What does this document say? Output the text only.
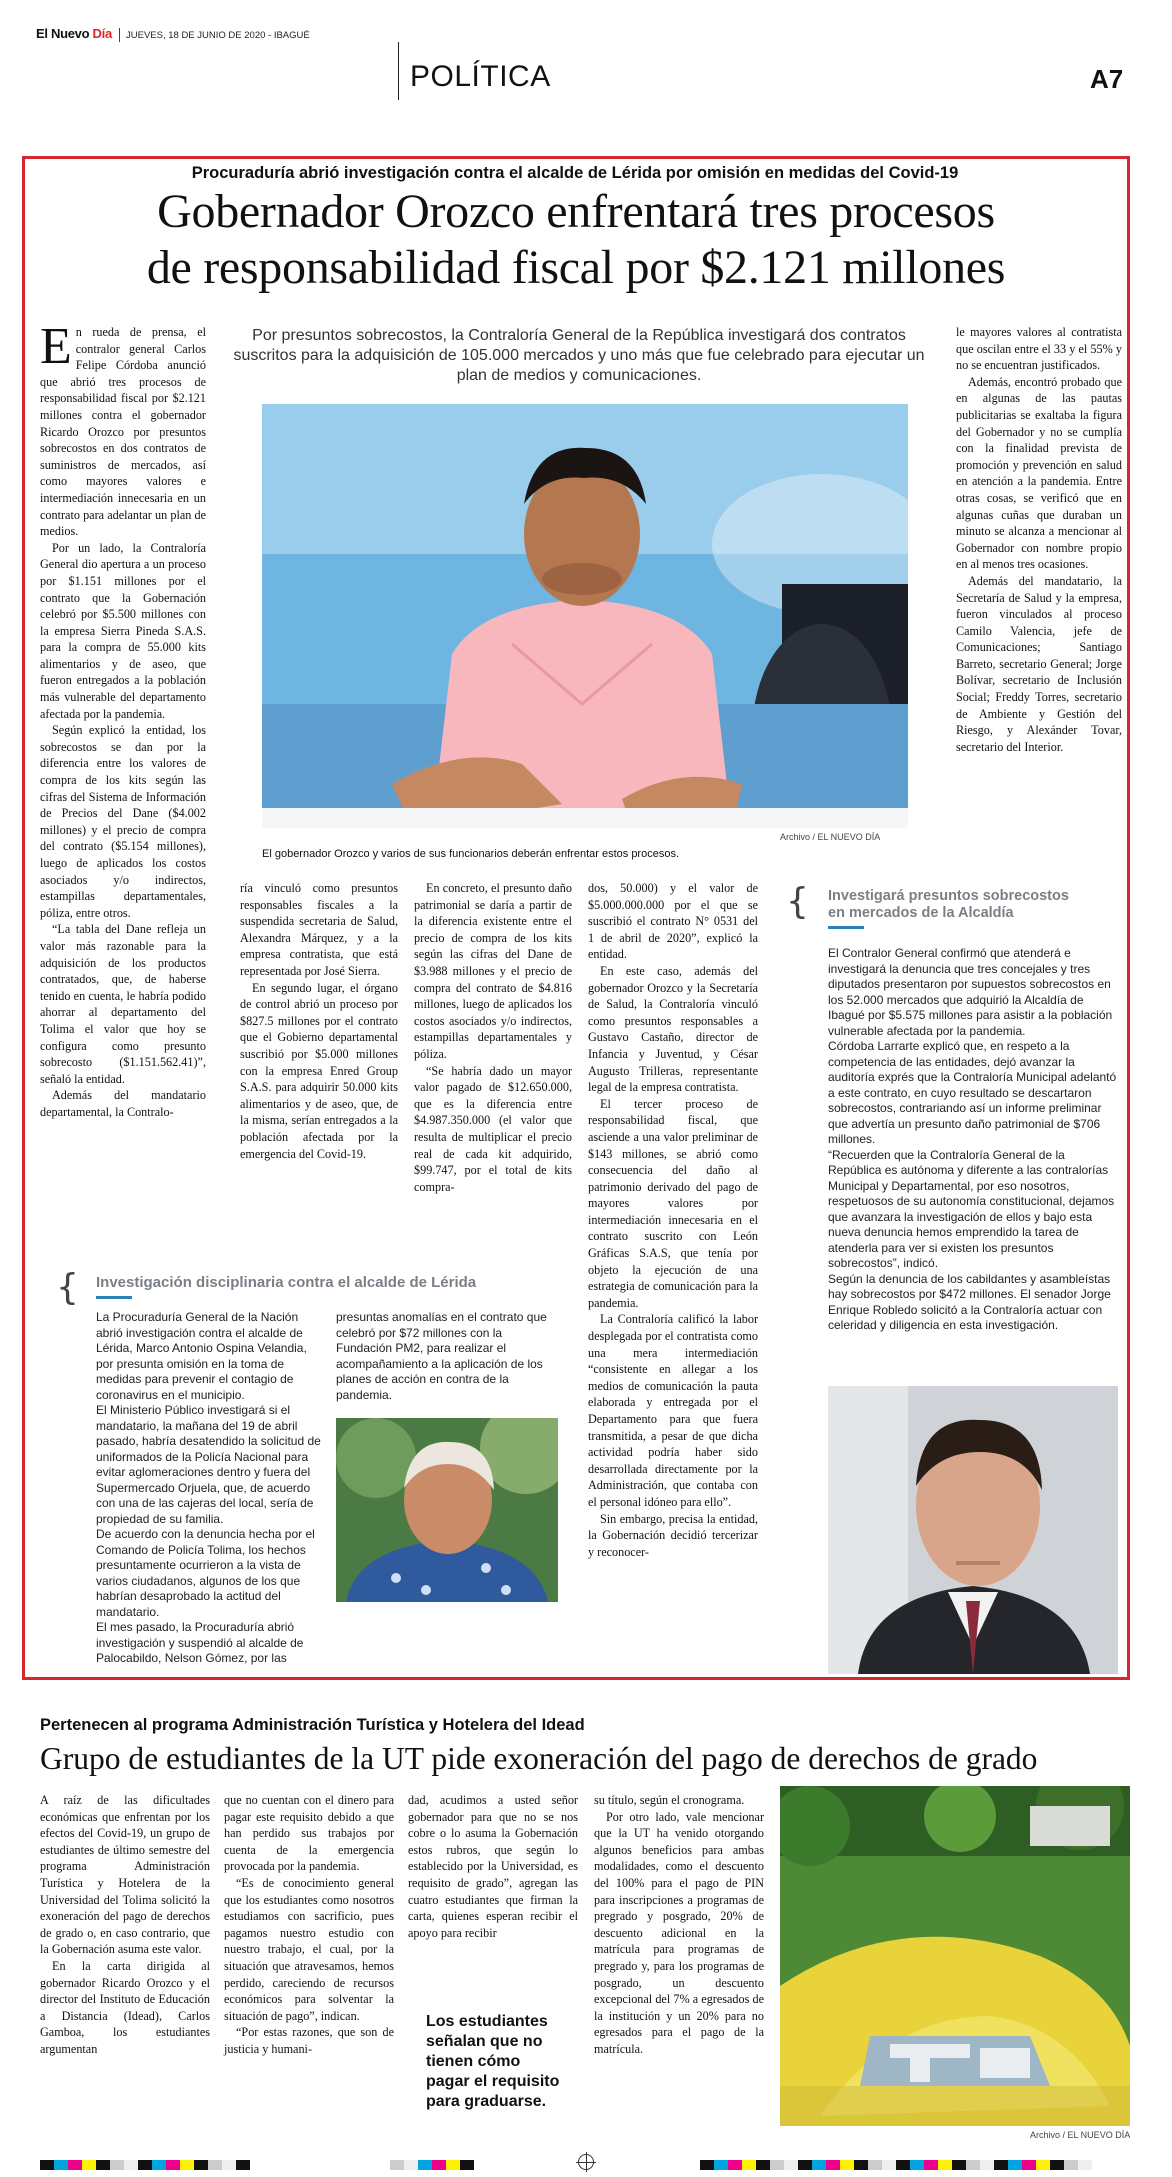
El Nuevo Día JUEVES, 18 DE JUNIO DE 2020 - IBAGUÉ
POLÍTICA	A7
Procuraduría abrió investigación contra el alcalde de Lérida por omisión en medidas del Covid-19
Gobernador Orozco enfrentará tres procesos
de responsabilidad fiscal por $2.121 millones

En rueda de prensa, el contralor general Carlos Felipe Córdoba anunció que abrió tres procesos de responsabilidad fiscal por $2.121 millones contra el gobernador Ricardo Orozco por presuntos sobrecostos en dos contratos de suministros de mercados, así como mayores valores e intermediación innecesaria en un contrato para adelantar un plan de medios.

Por un lado, la Contraloría General dio apertura a un proceso por $1.151 millones por el contrato que la Gobernación celebró por $5.500 millones con la empresa Sierra Pineda S.A.S. para la compra de 55.000 kits alimentarios y de aseo, que fueron entregados a la población más vulnerable del departamento afectada por la pandemia.

Según explicó la entidad, los sobrecostos se dan por la diferencia entre los valores de compra de los kits según las cifras del Sistema de Información de Precios del Dane ($4.002 millones) y el precio de compra del contrato ($5.154 millones), luego de aplicados los costos asociados y/o indirectos, estampillas departamentales, póliza, entre otros.

“La tabla del Dane refleja un valor más razonable para la adquisición de los productos contratados, que, de haberse tenido en cuenta, le habría podido ahorrar al departamento del Tolima el valor que hoy se configura como presunto sobrecosto ($1.151.562.41)”, señaló la entidad.

Además del mandatario departamental, la Contralo-

Por presuntos sobrecostos, la Contraloría General de la República investigará dos contratos suscritos para la adquisición de 105.000 mercados y uno más que fue celebrado para ejecutar un plan de medios y comunicaciones.
Archivo / EL NUEVO DÍA
El gobernador Orozco y varios de sus funcionarios deberán enfrentar estos procesos.

ría vinculó como presuntos responsables fiscales a la suspendida secretaria de Salud, Alexandra Márquez, y a la empresa contratista, que está representada por José Sierra.

En segundo lugar, el órgano de control abrió un proceso por $827.5 millones por el contrato que el Gobierno departamental suscribió por $5.000 millones con la empresa Enred Group S.A.S. para adquirir 50.000 kits alimentarios y de aseo, que, de la misma, serían entregados a la población afectada por la emergencia del Covid-19.

En concreto, el presunto daño patrimonial se daría a partir de la diferencia existente entre el precio de compra de los kits según las cifras del Dane de $3.988 millones y el precio de compra del contrato de $4.816 millones, luego de aplicados los costos asociados y/o indirectos, estampillas departamentales y póliza.

“Se habría dado un mayor valor pagado de $12.650.000, que es la diferencia entre $4.987.350.000 (el valor que resulta de multiplicar el precio real de cada kit adquirido, $99.747, por el total de kits compra-

dos, 50.000) y el valor de $5.000.000.000 por el que se suscribió el contrato N° 0531 del 1 de abril de 2020”, explicó la entidad.

En este caso, además del gobernador Orozco y la Secretaría de Salud, la Contraloría vinculó como presuntos responsables a Gustavo Castaño, director de Infancia y Juventud, y César Augusto Trilleras, representante legal de la empresa contratista.

El tercer proceso de responsabilidad fiscal, que asciende a una valor preliminar de $143 millones, se abrió como consecuencia del daño al patrimonio derivado del pago de mayores valores por intermediación innecesaria en el contrato suscrito con León Gráficas S.A.S, que tenía por objeto la ejecución de una estrategia de comunicación para la pandemia.

La Contraloría calificó la labor desplegada por el contratista como una mera intermediación “consistente en allegar a los medios de comunicación la pauta elaborada y entregada por el Departamento para que fuera transmitida, a pesar de que dicha actividad podría haber sido desarrollada directamente por la Administración, que contaba con el personal idóneo para ello”.

Sin embargo, precisa la entidad, la Gobernación decidió tercerizar y reconocer-

le mayores valores al contratista que oscilan entre el 33 y el 55% y no se encuentran justificados.

Además, encontró probado que en algunas de las pautas publicitarias se exaltaba la figura del Gobernador y no se cumplía con la finalidad prevista de promoción y prevención en salud en atención a la pandemia. Entre otras cosas, se verificó que en algunas cuñas que duraban un minuto se alcanza a mencionar al Gobernador con nombre propio en al menos tres ocasiones.

Además del mandatario, la Secretaría de Salud y la empresa, fueron vinculados al proceso Camilo Valencia, jefe de Comunicaciones; Santiago Barreto, secretario General; Jorge Bolívar, secretario de Inclusión Social; Freddy Torres, secretario de Ambiente y Gestión del Riesgo, y Alexánder Tovar, secretario del Interior.

{ Investigará presuntos sobrecostos
en mercados de la Alcaldía

El Contralor General confirmó que atenderá e investigará la denuncia que tres concejales y tres diputados presentaron por supuestos sobrecostos en los 52.000 mercados que adquirió la Alcaldía de Ibagué por $5.575 millones para asistir a la población vulnerable afectada por la pandemia.

Córdoba Larrarte explicó que, en respeto a la competencia de las entidades, dejó avanzar la auditoría exprés que la Contraloría Municipal adelantó a este contrato, en cuyo resultado se descartaron sobrecostos, contrariando así un informe preliminar que advertía un presunto daño patrimonial de $706 millones.

“Recuerden que la Contraloría General de la República es autónoma y diferente a las contralorías Municipal y Departamental, por eso nosotros, respetuosos de su autonomía constitucional, dejamos que avanzara la investigación de ellos y bajo esta nueva denuncia hemos emprendido la tarea de atenderla para ver si existen los presuntos sobrecostos”, indicó.

Según la denuncia de los cabildantes y asambleístas hay sobrecostos por $472 millones. El senador Jorge Enrique Robledo solicitó a la Contraloría actuar con celeridad y diligencia en esta investigación.

{ Investigación disciplinaria contra el alcalde de Lérida

La Procuraduría General de la Nación abrió investigación contra el alcalde de Lérida, Marco Antonio Ospina Velandia, por presunta omisión en la toma de medidas para prevenir el contagio de coronavirus en el municipio.

El Ministerio Público investigará si el mandatario, la mañana del 19 de abril pasado, habría desatendido la solicitud de uniformados de la Policía Nacional para evitar aglomeraciones dentro y fuera del Supermercado Orjuela, que, de acuerdo con una de las cajeras del local, sería de propiedad de su familia.

De acuerdo con la denuncia hecha por el Comando de Policía Tolima, los hechos presuntamente ocurrieron a la vista de varios ciudadanos, algunos de los que habrían desaprobado la actitud del mandatario.

El mes pasado, la Procuraduría abrió investigación y suspendió al alcalde de Palocabildo, Nelson Gómez, por las

presuntas anomalías en el contrato que celebró por $72 millones con la Fundación PM2, para realizar el acompañamiento a la aplicación de los planes de acción en contra de la pandemia.
Pertenecen al programa Administración Turística y Hotelera del Idead
Grupo de estudiantes de la UT pide exoneración del pago de derechos de grado

A raíz de las dificultades económicas que enfrentan por los efectos del Covid-19, un grupo de estudiantes de último semestre del programa Administración Turística y Hotelera de la Universidad del Tolima solicitó la exoneración del pago de derechos de grado o, en caso contrario, que la Gobernación asuma este valor.

En la carta dirigida al gobernador Ricardo Orozco y el director del Instituto de Educación a Distancia (Idead), Carlos Gamboa, los estudiantes argumentan

que no cuentan con el dinero para pagar este requisito debido a que han perdido sus trabajos por cuenta de la emergencia provocada por la pandemia.

“Es de conocimiento general que los estudiantes como nosotros estudiamos con sacrificio, pues pagamos nuestro estudio con nuestro trabajo, el cual, por la situación que atravesamos, hemos perdido, careciendo de recursos económicos para solventar la situación de pago”, indican.

“Por estas razones, que son de justicia y humani-

dad, acudimos a usted señor gobernador para que no se nos cobre o lo asuma la Gobernación estos rubros, que según lo establecido por la Universidad, es requisito de grado”, agregan las cuatro estudiantes que firman la carta, quienes esperan recibir el apoyo para recibir

Los estudiantes señalan que no tienen cómo pagar el requisito para graduarse.

su título, según el cronograma.

Por otro lado, vale mencionar que la UT ha venido otorgando algunos beneficios para ambas modalidades, como el descuento del 100% para el pago de PIN para inscripciones a programas de pregrado y posgrado, 20% de descuento adicional en la matrícula para programas de pregrado y, para los programas de posgrado, un descuento excepcional del 7% a egresados de la institución y un 20% para no egresados para el pago de la matrícula.

Archivo / EL NUEVO DÍA
